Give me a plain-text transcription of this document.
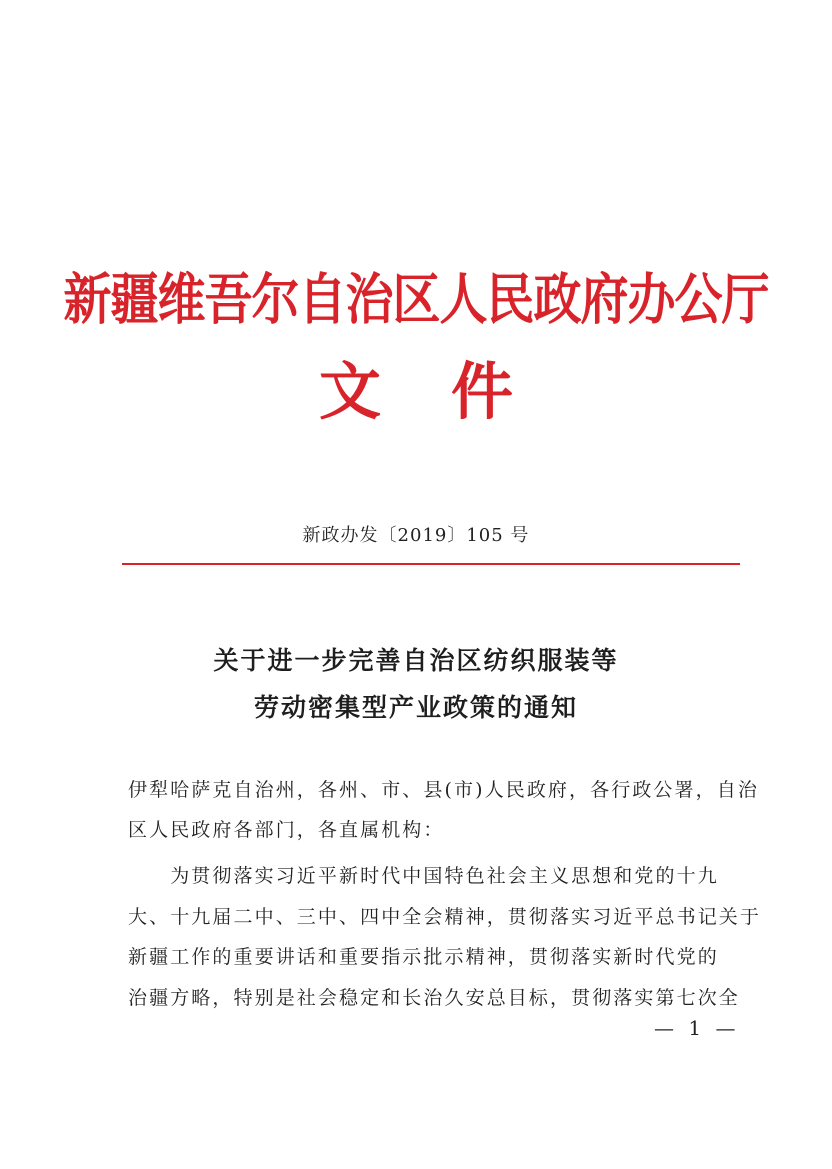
新疆维吾尔自治区人民政府办公厅
文 件
新政办发〔2019〕105 号
关于进一步完善自治区纺织服装等
劳动密集型产业政策的通知
伊犁哈萨克自治州，各州、市、县(市)人民政府，各行政公署，自治
区人民政府各部门，各直属机构：
　　为贯彻落实习近平新时代中国特色社会主义思想和党的十九
大、十九届二中、三中、四中全会精神，贯彻落实习近平总书记关于
新疆工作的重要讲话和重要指示批示精神，贯彻落实新时代党的
治疆方略，特别是社会稳定和长治久安总目标，贯彻落实第七次全
— 1 —
